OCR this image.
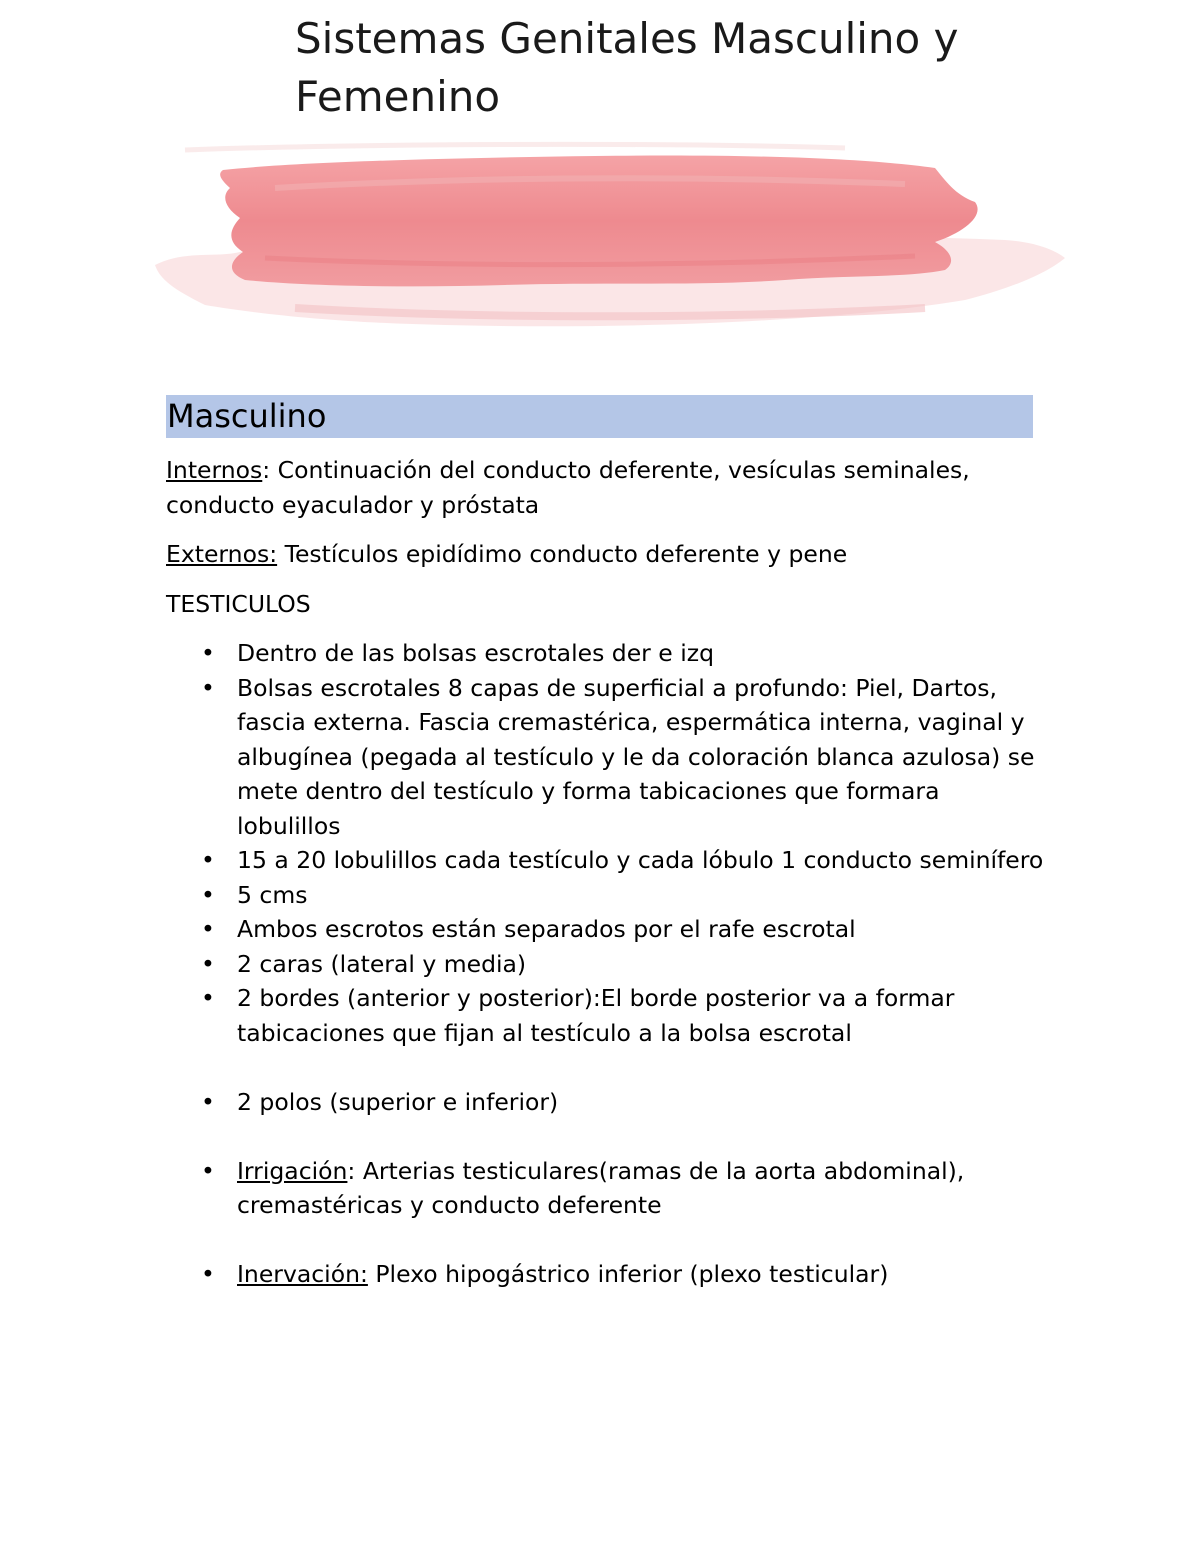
Sistemas Genitales Masculino y Femenino
Masculino

Internos: Continuación del conducto deferente, vesículas seminales, conducto eyaculador y próstata

Externos: Testículos epidídimo conducto deferente y pene

TESTICULOS

• Dentro de las bolsas escrotales der e izq
• Bolsas escrotales 8 capas de superficial a profundo: Piel, Dartos, fascia externa. Fascia cremastérica, espermática interna, vaginal y albugínea (pegada al testículo y le da coloración blanca azulosa) se mete dentro del testículo y forma tabicaciones que formara lobulillos
• 15 a 20 lobulillos cada testículo y cada lóbulo 1 conducto seminífero
• 5 cms
• Ambos escrotos están separados por el rafe escrotal
• 2 caras (lateral y media)
• 2 bordes (anterior y posterior):El borde posterior va a formar tabicaciones que fijan al testículo a la bolsa escrotal
• 2 polos (superior e inferior)
• Irrigación: Arterias testiculares(ramas de la aorta abdominal), cremastéricas y conducto deferente
• Inervación: Plexo hipogástrico inferior (plexo testicular)
